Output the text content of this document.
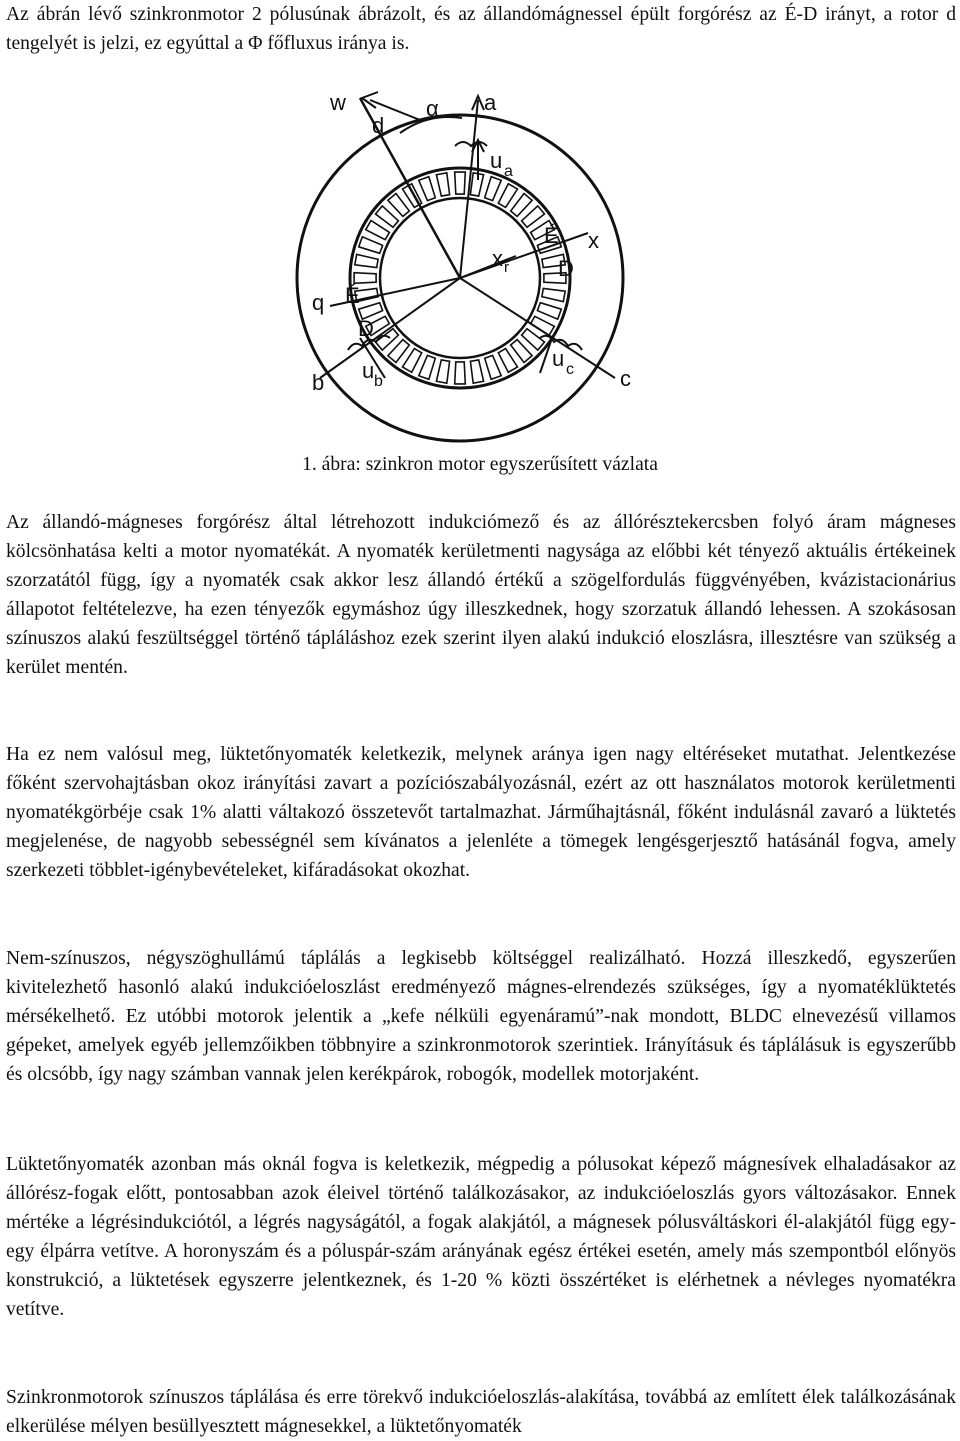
Az ábrán lévő szinkronmotor 2 pólusúnak ábrázolt, és az állandómágnessel épült forgórész az É-D irányt, a rotor d tengelyét is jelzi, ez egyúttal a Φ főfluxus iránya is.

w
d
α a
u a
É
D
x
x r
q É
D
b u b
u c c
1. ábra: szinkron motor egyszerűsített vázlata

Az állandó-mágneses forgórész által létrehozott indukciómező és az állórésztekercsben folyó áram mágneses kölcsönhatása kelti a motor nyomatékát. A nyomaték kerületmenti nagysága az előbbi két tényező aktuális értékeinek szorzatától függ, így a nyomaték csak akkor lesz állandó értékű a szögelfordulás függvényében, kvázistacionárius állapotot feltételezve, ha ezen tényezők egymáshoz úgy illeszkednek, hogy szorzatuk állandó lehessen. A szokásosan színuszos alakú feszültséggel történő tápláláshoz ezek szerint ilyen alakú indukció eloszlásra, illesztésre van szükség a kerület mentén.

Ha ez nem valósul meg, lüktetőnyomaték keletkezik, melynek aránya igen nagy eltéréseket mutathat. Jelentkezése főként szervohajtásban okoz irányítási zavart a pozíciószabályozásnál, ezért az ott használatos motorok kerületmenti nyomatékgörbéje csak 1% alatti váltakozó összetevőt tartalmazhat. Járműhajtásnál, főként indulásnál zavaró a lüktetés megjelenése, de nagyobb sebességnél sem kívánatos a jelenléte a tömegek lengésgerjesztő hatásánál fogva, amely szerkezeti többlet-igénybevételeket, kifáradásokat okozhat.

Nem-színuszos, négyszöghullámú táplálás a legkisebb költséggel realizálható. Hozzá illeszkedő, egyszerűen kivitelezhető hasonló alakú indukcióeloszlást eredményező mágnes-elrendezés szükséges, így a nyomatéklüktetés mérsékelhető. Ez utóbbi motorok jelentik a „kefe nélküli egyenáramú”-nak mondott, BLDC elnevezésű villamos gépeket, amelyek egyéb jellemzőikben többnyire a szinkronmotorok szerintiek. Irányításuk és táplálásuk is egyszerűbb és olcsóbb, így nagy számban vannak jelen kerékpárok, robogók, modellek motorjaként.

Lüktetőnyomaték azonban más oknál fogva is keletkezik, mégpedig a pólusokat képező mágnesívek elhaladásakor az állórész-fogak előtt, pontosabban azok éleivel történő találkozásakor, az indukcióeloszlás gyors változásakor. Ennek mértéke a légrésindukciótól, a légrés nagyságától, a fogak alakjától, a mágnesek pólusváltáskori él-alakjától függ egy-egy élpárra vetítve. A horonyszám és a póluspár-szám arányának egész értékei esetén, amely más szempontból előnyös konstrukció, a lüktetések egyszerre jelentkeznek, és 1-20 % közti összértéket is elérhetnek a névleges nyomatékra vetítve.

Szinkronmotorok színuszos táplálása és erre törekvő indukcióeloszlás-alakítása, továbbá az említett élek találkozásának elkerülése mélyen besüllyesztett mágnesekkel, a lüktetőnyomaték
